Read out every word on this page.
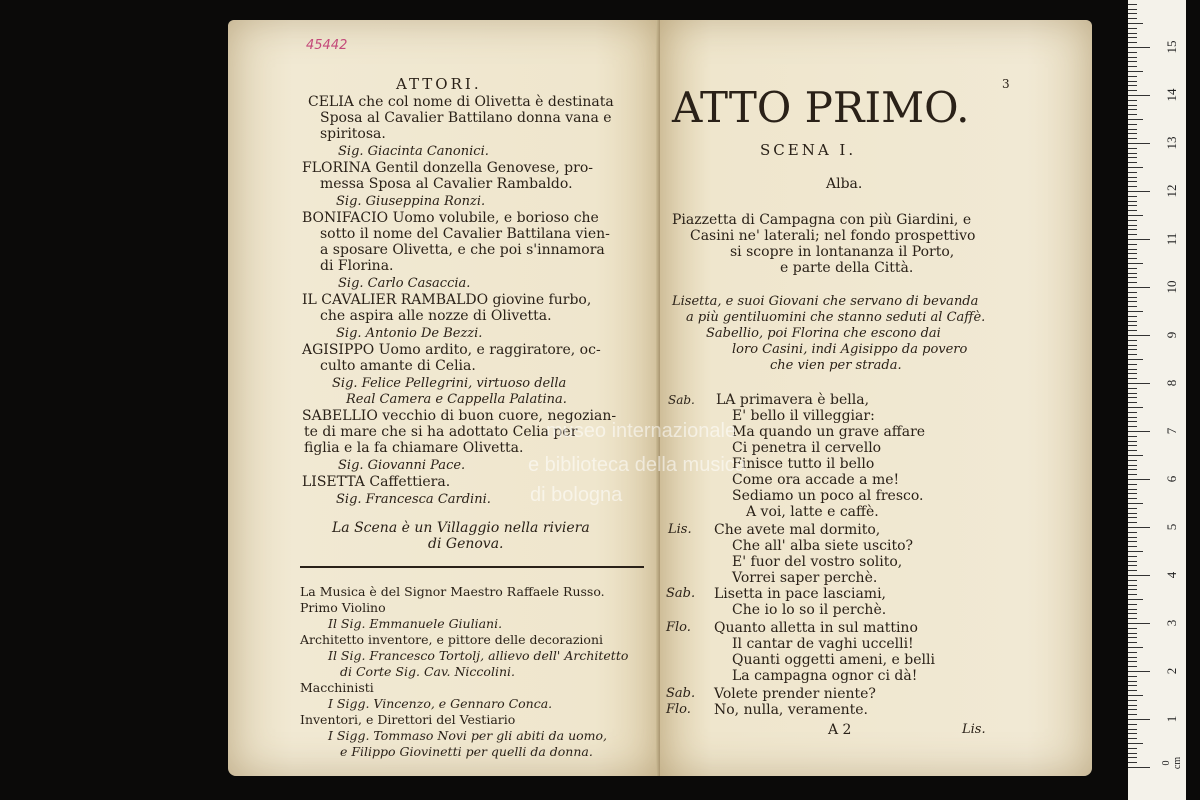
45442
ATTORI.
CELIA che col nome di Olivetta è destinata
Sposa al Cavalier Battilano donna vana e
spiritosa.
Sig. Giacinta Canonici.
FLORINA Gentil donzella Genovese, pro-
messa Sposa al Cavalier Rambaldo.
Sig. Giuseppina Ronzi.
BONIFACIO Uomo volubile, e borioso che
sotto il nome del Cavalier Battilana vien-
a sposare Olivetta, e che poi s'innamora
di Florina.
Sig. Carlo Casaccia.
IL CAVALIER RAMBALDO giovine furbo,
che aspira alle nozze di Olivetta.
Sig. Antonio De Bezzi.
AGISIPPO Uomo ardito, e raggiratore, oc-
culto amante di Celia.
Sig. Felice Pellegrini, virtuoso della
Real Camera e Cappella Palatina.
SABELLIO vecchio di buon cuore, negozian-
te di mare che si ha adottato Celia per
figlia e la fa chiamare Olivetta.
Sig. Giovanni Pace.
LISETTA Caffettiera.
Sig. Francesca Cardini.
La Scena è un Villaggio nella riviera
di Genova.
La Musica è del Signor Maestro Raffaele Russo.
Primo Violino
Il Sig. Emmanuele Giuliani.
Architetto inventore, e pittore delle decorazioni
Il Sig. Francesco Tortolj, allievo dell' Architetto
di Corte Sig. Cav. Niccolini.
Macchinisti
I Sigg. Vincenzo, e Gennaro Conca.
Inventori, e Direttori del Vestiario
I Sigg. Tommaso Novi per gli abiti da uomo,
e Filippo Giovinetti per quelli da donna.
3
ATTO PRIMO.
SCENA I.
Alba.
Piazzetta di Campagna con più Giardini, e
Casini ne' laterali; nel fondo prospettivo
si scopre in lontananza il Porto,
e parte della Città.
Lisetta, e suoi Giovani che servano di bevanda
a più gentiluomini che stanno seduti al Caffè.
Sabellio, poi Florina che escono dai
loro Casini, indi Agisippo da povero
che vien per strada.
Sab. LA primavera è bella,
E' bello il villeggiar:
Ma quando un grave affare
Ci penetra il cervello
Finisce tutto il bello
Come ora accade a me!
Sediamo un poco al fresco.
A voi, latte e caffè.
Lis. Che avete mal dormito,
Che all' alba siete uscito?
E' fuor del vostro solito,
Vorrei saper perchè.
Sab. Lisetta in pace lasciami,
Che io lo so il perchè.
Flo. Quanto alletta in sul mattino
Il cantar de vaghi uccelli!
Quanti oggetti ameni, e belli
La campagna ognor ci dà!
Sab. Volete prender niente?
Flo. No, nulla, veramente.
A 2	Lis.
museo internazionale
e biblioteca della musica
di bologna
0 cm
1
2
3
4
5
6
7
8
9
10
11
12
13
14
15
